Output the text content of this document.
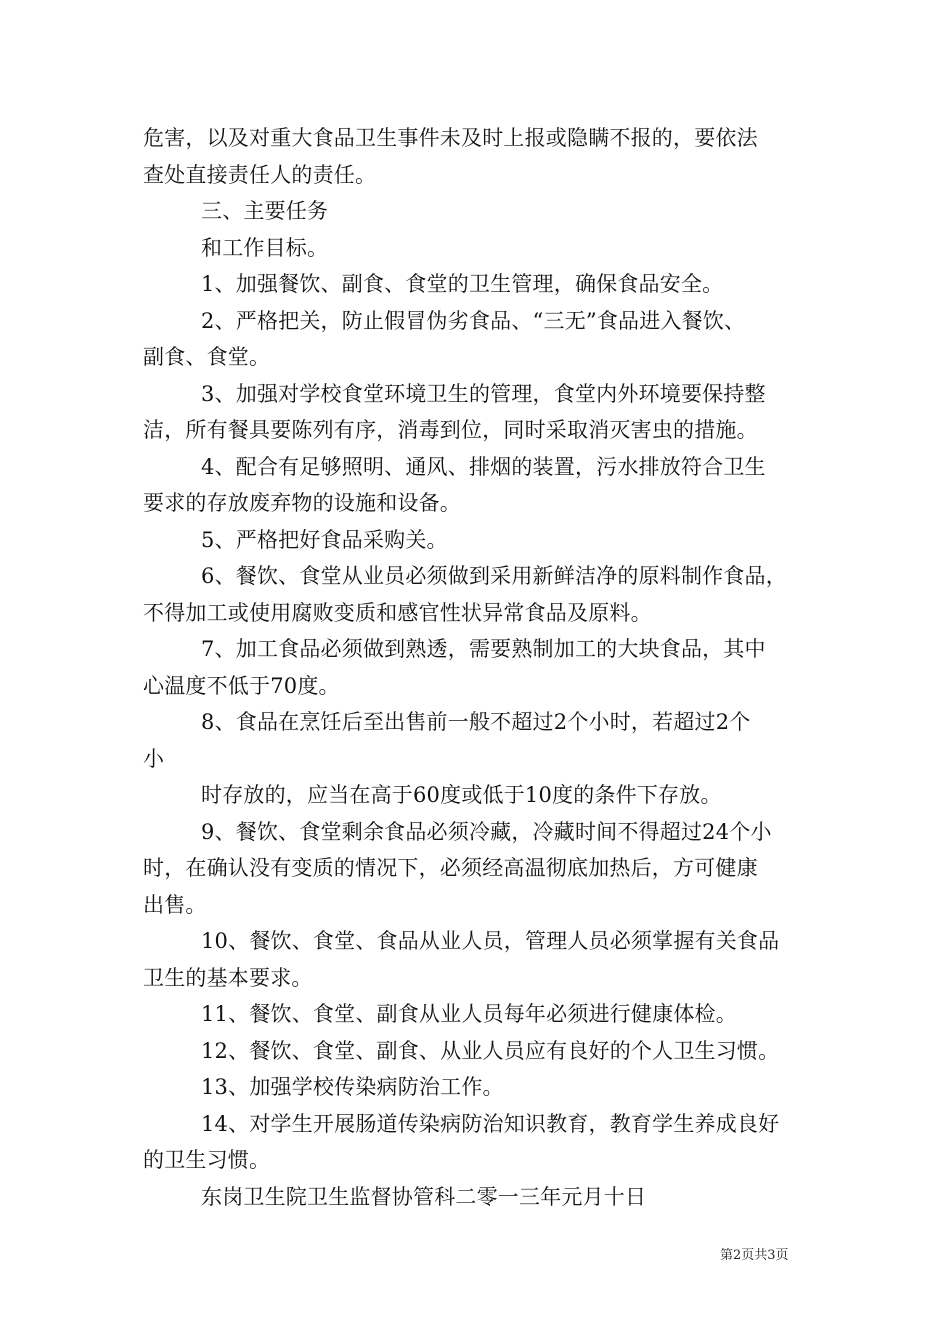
危害，以及对重大食品卫生事件未及时上报或隐瞒不报的，要依法
查处直接责任人的责任。
三、主要任务
和工作目标。
1、加强餐饮、副食、食堂的卫生管理，确保食品安全。
2、严格把关，防止假冒伪劣食品、“三无”食品进入餐饮、
副食、食堂。
3、加强对学校食堂环境卫生的管理，食堂内外环境要保持整
洁，所有餐具要陈列有序，消毒到位，同时采取消灭害虫的措施。
4、配合有足够照明、通风、排烟的装置，污水排放符合卫生
要求的存放废弃物的设施和设备。
5、严格把好食品采购关。
6、餐饮、食堂从业员必须做到采用新鲜洁净的原料制作食品，
不得加工或使用腐败变质和感官性状异常食品及原料。
7、加工食品必须做到熟透，需要熟制加工的大块食品，其中
心温度不低于70度。
8、食品在烹饪后至出售前一般不超过2个小时，若超过2个
小
时存放的，应当在高于60度或低于10度的条件下存放。
9、餐饮、食堂剩余食品必须冷藏，冷藏时间不得超过24个小
时，在确认没有变质的情况下，必须经高温彻底加热后，方可健康
出售。
10、餐饮、食堂、食品从业人员，管理人员必须掌握有关食品
卫生的基本要求。
11、餐饮、食堂、副食从业人员每年必须进行健康体检。
12、餐饮、食堂、副食、从业人员应有良好的个人卫生习惯。
13、加强学校传染病防治工作。
14、对学生开展肠道传染病防治知识教育，教育学生养成良好
的卫生习惯。
东岗卫生院卫生监督协管科二零一三年元月十日
第2页共3页
